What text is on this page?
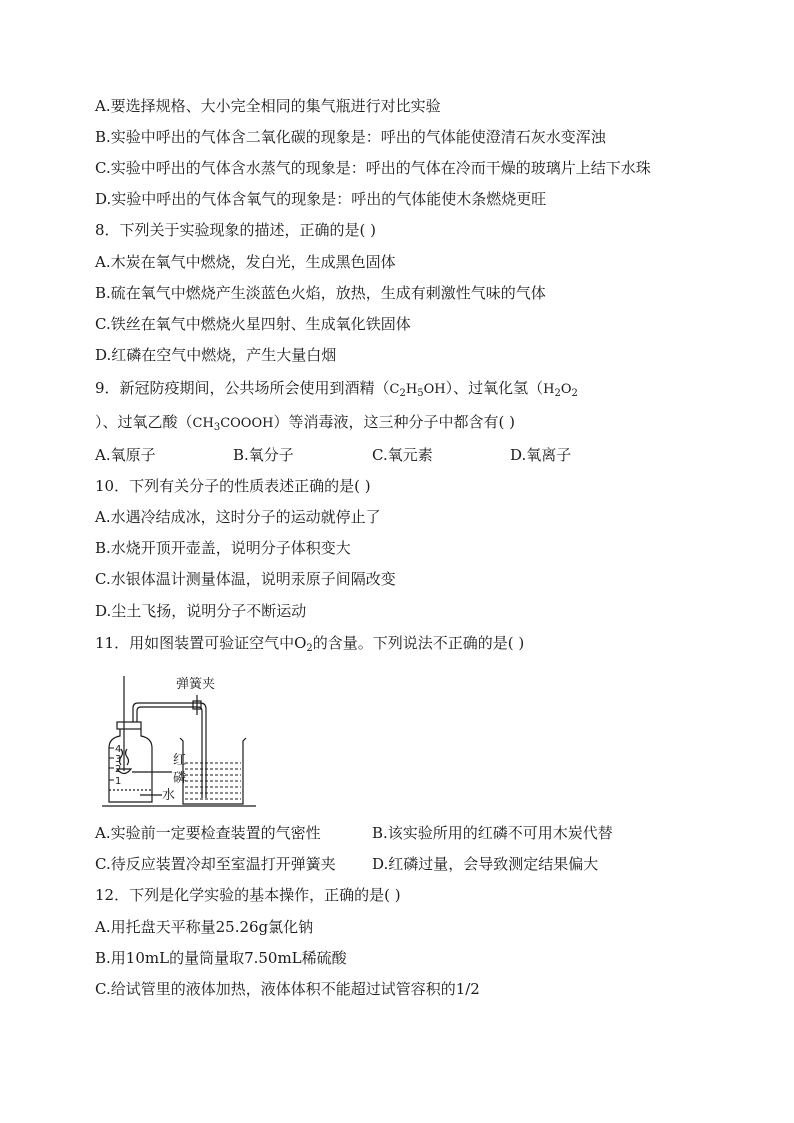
A.要选择规格、大小完全相同的集气瓶进行对比实验
B.实验中呼出的气体含二氧化碳的现象是：呼出的气体能使澄清石灰水变浑浊
C.实验中呼出的气体含水蒸气的现象是：呼出的气体在冷而干燥的玻璃片上结下水珠
D.实验中呼出的气体含氧气的现象是：呼出的气体能使木条燃烧更旺
8．下列关于实验现象的描述，正确的是( )
A.木炭在氧气中燃烧，发白光，生成黑色固体
B.硫在氧气中燃烧产生淡蓝色火焰，放热，生成有刺激性气味的气体
C.铁丝在氧气中燃烧火星四射、生成氧化铁固体
D.红磷在空气中燃烧，产生大量白烟
9．新冠防疫期间，公共场所会使用到酒精$(C_2H_5OH)$、过氧化氢（$H_2O_2$
）、过氧乙酸$(CH_3COOOH)$等消毒液，这三种分子中都含有( )
A.氧原子	B.氧分子	C.氧元素	D.氧离子
10．下列有关分子的性质表述正确的是( )
A.水遇冷结成冰，这时分子的运动就停止了
B.水烧开顶开壶盖，说明分子体积变大
C.水银体温计测量体温，说明汞原子间隔改变
D.尘土飞扬，说明分子不断运动
11．用如图装置可验证空气中$O_2$的含量。下列说法不正确的是( )
弹簧夹
红
磷
水
4
3
2
1
A.实验前一定要检查装置的气密性	B.该实验所用的红磷不可用木炭代替
C.待反应装置冷却至室温打开弹簧夹 D.红磷过量，会导致测定结果偏大
12．下列是化学实验的基本操作，正确的是( )
A.用托盘天平称量25.26g氯化钠
B.用10mL的量筒量取7.50mL稀硫酸
C.给试管里的液体加热，液体体积不能超过试管容积的1/2
